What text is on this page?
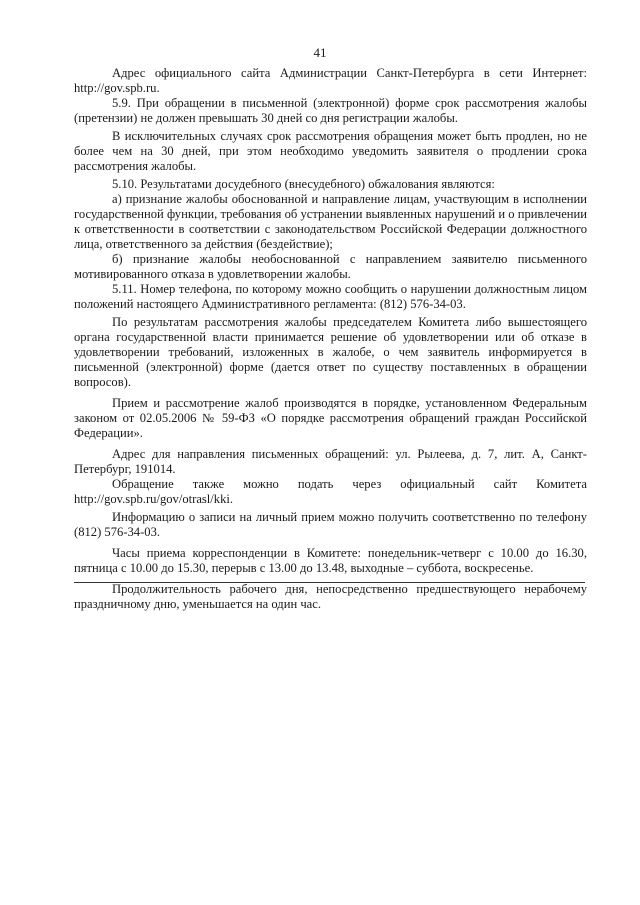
41

Адрес официального сайта Администрации Санкт-Петербурга в сети Интернет: http://gov.spb.ru.

5.9. При обращении в письменной (электронной) форме срок рассмотрения жалобы (претензии) не должен превышать 30 дней со дня регистрации жалобы.

В исключительных случаях срок рассмотрения обращения может быть продлен, но не более чем на 30 дней, при этом необходимо уведомить заявителя о продлении срока рассмотрения жалобы.

5.10. Результатами досудебного (внесудебного) обжалования являются:

а) признание жалобы обоснованной и направление лицам, участвующим в исполнении государственной функции, требования об устранении выявленных нарушений и о привлечении к ответственности в соответствии с законодательством Российской Федерации должностного лица, ответственного за действия (бездействие);

б) признание жалобы необоснованной с направлением заявителю письменного мотивированного отказа в удовлетворении жалобы.

5.11. Номер телефона, по которому можно сообщить о нарушении должностным лицом положений настоящего Административного регламента: (812) 576-34-03.

По результатам рассмотрения жалобы председателем Комитета либо вышестоящего органа государственной власти принимается решение об удовлетворении или об отказе в удовлетворении требований, изложенных в жалобе, о чем заявитель информируется в письменной (электронной) форме (дается ответ по существу поставленных в обращении вопросов).

Прием и рассмотрение жалоб производятся в порядке, установленном Федеральным законом от 02.05.2006 № 59-ФЗ «О порядке рассмотрения обращений граждан Российской Федерации».

Адрес для направления письменных обращений: ул. Рылеева, д. 7, лит. А, Санкт-Петербург, 191014.

Обращение также можно подать через официальный сайт Комитета http://gov.spb.ru/gov/otrasl/kki.

Информацию о записи на личный прием можно получить соответственно по телефону (812) 576-34-03.

Часы приема корреспонденции в Комитете: понедельник-четверг с 10.00 до 16.30, пятница с 10.00 до 15.30, перерыв с 13.00 до 13.48, выходные – суббота, воскресенье.

Продолжительность рабочего дня, непосредственно предшествующего нерабочему праздничному дню, уменьшается на один час.
